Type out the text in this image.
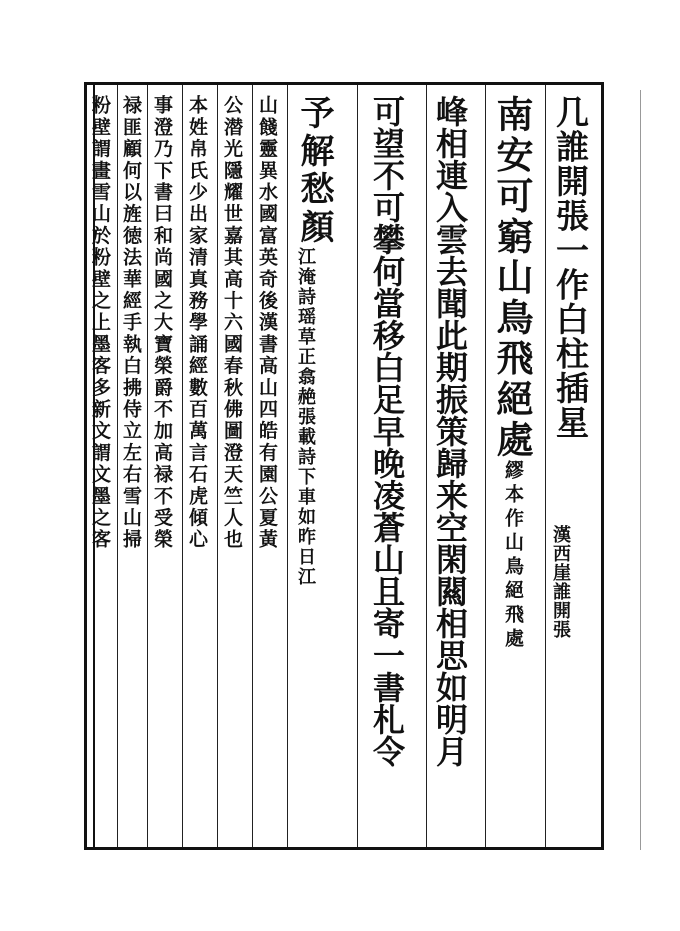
几誰開張一作白柱插星
南安可窮山鳥飛絕處
繆本作山鳥絕飛處
峰相連入雲去聞此期振策歸来空閑闗相思如明月
可望不可攀何當移白足早晚凌蒼山且寄一書札令
予解愁顏
江淹詩瑶草正翕赩張載詩下車如昨日江
山餞靈異水國富英奇後漢書高山四皓有園公夏黃
公潜光隱耀世嘉其高十六國春秋佛圖澄天竺人也
本姓帛氏少出家清真務學誦經數百萬言石虎傾心
事澄乃下書曰和尚國之大寶榮爵不加高禄不受榮
禄匪顧何以旌徳法華經手執白拂侍立左右雪山掃
粉壁謂畫雪山於粉壁之上墨客多新文謂文墨之客
漢西崖誰開張
